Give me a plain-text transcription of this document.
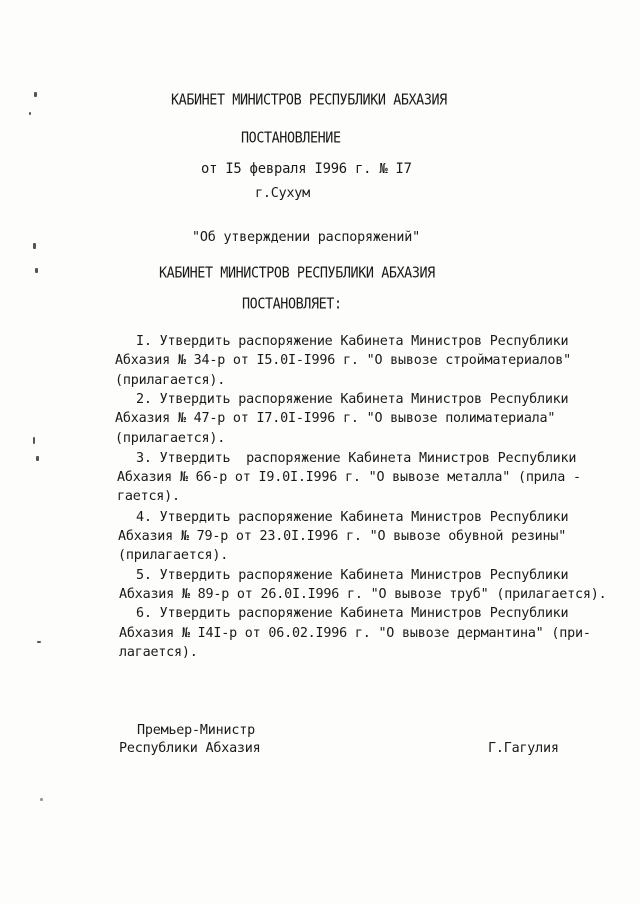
КАБИНЕТ МИНИСТРОВ РЕСПУБЛИКИ АБХАЗИЯ
ПОСТАНОВЛЕНИЕ
от I5 февраля I996 г. № I7
г.Сухум
"Об утверждении распоряжений"
КАБИНЕТ МИНИСТРОВ РЕСПУБЛИКИ АБХАЗИЯ
ПОСТАНОВЛЯЕТ:
I. Утвердить распоряжение Кабинета Министров Республики
Абхазия № 34-р от I5.0I-I996 г. "О вывозе стройматериалов"
(прилагается).
2. Утвердить распоряжение Кабинета Министров Республики
Абхазия № 47-р от I7.0I-I996 г. "О вывозе полиматериала"
(прилагается).
3. Утвердить  распоряжение Кабинета Министров Республики
Абхазия № 66-р от I9.0I.I996 г. "О вывозе металла" (прила -
гается).
4. Утвердить распоряжение Кабинета Министров Республики
Абхазия № 79-р от 23.0I.I996 г. "О вывозе обувной резины"
(прилагается).
5. Утвердить распоряжение Кабинета Министров Республики
Абхазия № 89-р от 26.0I.I996 г. "О вывозе труб" (прилагается).
6. Утвердить распоряжение Кабинета Министров Республики
Абхазия № I4I-р от 06.02.I996 г. "О вывозе дермантина" (при-
лагается).
Премьер-Министр
Республики Абхазия	Г.Гагулия
